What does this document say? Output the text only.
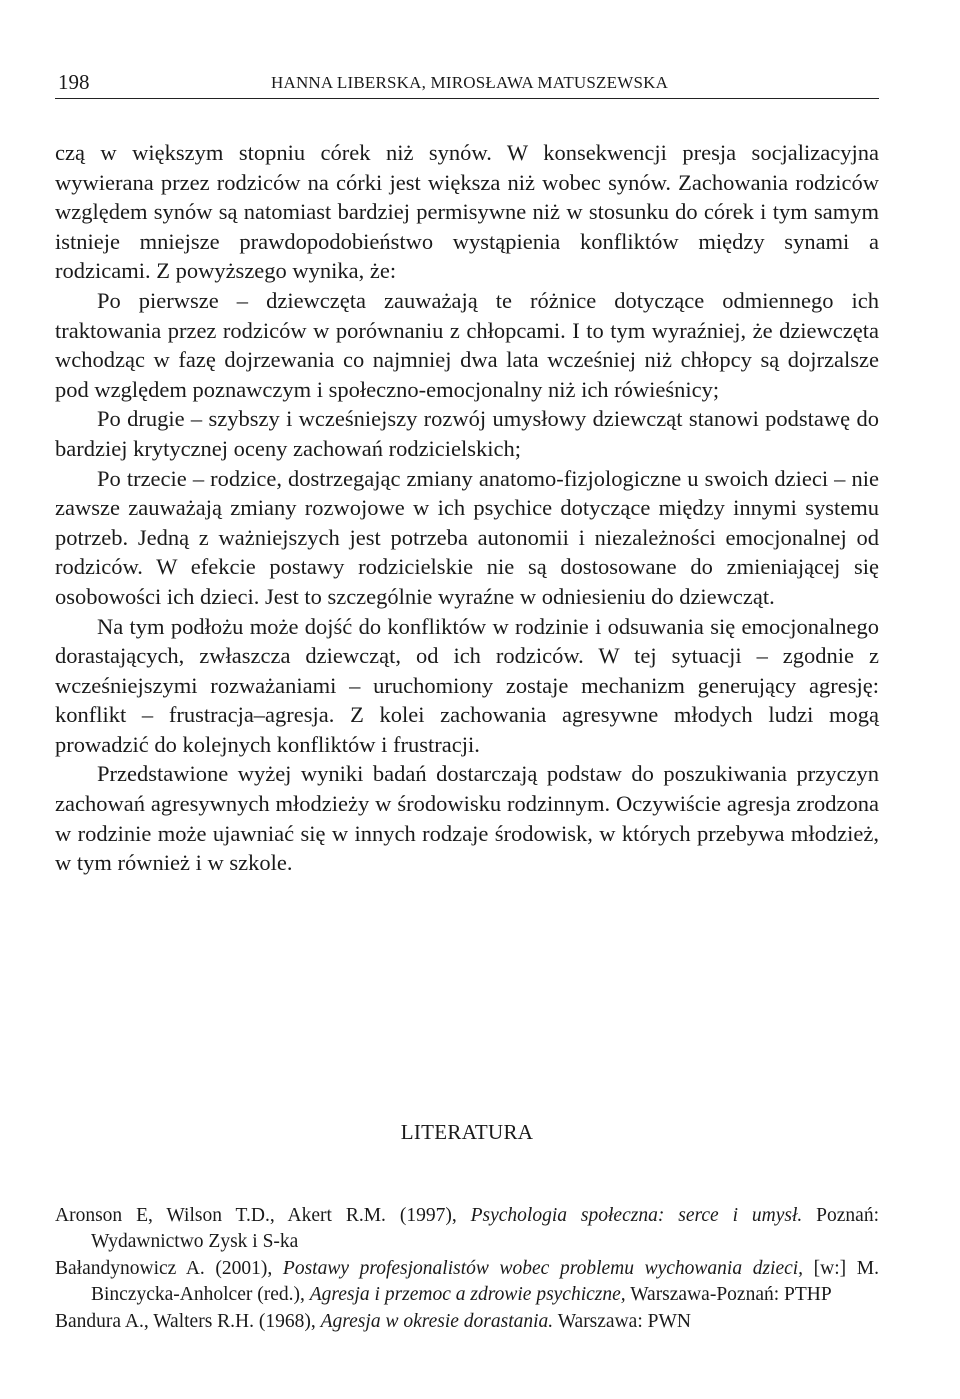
198	HANNA LIBERSKA, MIROSŁAWA MATUSZEWSKA

czą w większym stopniu córek niż synów. W konsekwencji presja socjalizacyjna wywierana przez rodziców na córki jest większa niż wobec synów. Zachowania rodziców względem synów są natomiast bardziej permisywne niż w stosunku do córek i tym samym istnieje mniejsze prawdopodobieństwo wystąpienia konfliktów między synami a rodzicami. Z powyższego wynika, że:

Po pierwsze – dziewczęta zauważają te różnice dotyczące odmiennego ich traktowania przez rodziców w porównaniu z chłopcami. I to tym wyraźniej, że dziewczęta wchodząc w fazę dojrzewania co najmniej dwa lata wcześniej niż chłopcy są dojrzalsze pod względem poznawczym i społeczno-emocjonalny niż ich rówieśnicy;

Po drugie – szybszy i wcześniejszy rozwój umysłowy dziewcząt stanowi podstawę do bardziej krytycznej oceny zachowań rodzicielskich;

Po trzecie – rodzice, dostrzegając zmiany anatomo-fizjologiczne u swoich dzieci – nie zawsze zauważają zmiany rozwojowe w ich psychice dotyczące między innymi systemu potrzeb. Jedną z ważniejszych jest potrzeba autonomii i niezależności emocjonalnej od rodziców. W efekcie postawy rodzicielskie nie są dostosowane do zmieniającej się osobowości ich dzieci. Jest to szczególnie wyraźne w odniesieniu do dziewcząt.

Na tym podłożu może dojść do konfliktów w rodzinie i odsuwania się emocjonalnego dorastających, zwłaszcza dziewcząt, od ich rodziców. W tej sytuacji – zgodnie z wcześniejszymi rozważaniami – uruchomiony zostaje mechanizm generujący agresję: konflikt – frustracja–agresja. Z kolei zachowania agresywne młodych ludzi mogą prowadzić do kolejnych konfliktów i frustracji.

Przedstawione wyżej wyniki badań dostarczają podstaw do poszukiwania przyczyn zachowań agresywnych młodzieży w środowisku rodzinnym. Oczywiście agresja zrodzona w rodzinie może ujawniać się w innych rodzaje środowisk, w których przebywa młodzież, w tym również i w szkole.

LITERATURA

Aronson E, Wilson T.D., Akert R.M. (1997), Psychologia społeczna: serce i umysł. Poznań: Wydawnictwo Zysk i S-ka

Bałandynowicz A. (2001), Postawy profesjonalistów wobec problemu wychowania dzieci, [w:] M. Binczycka-Anholcer (red.), Agresja i przemoc a zdrowie psychiczne, Warszawa-Poznań: PTHP

Bandura A., Walters R.H. (1968), Agresja w okresie dorastania. Warszawa: PWN
